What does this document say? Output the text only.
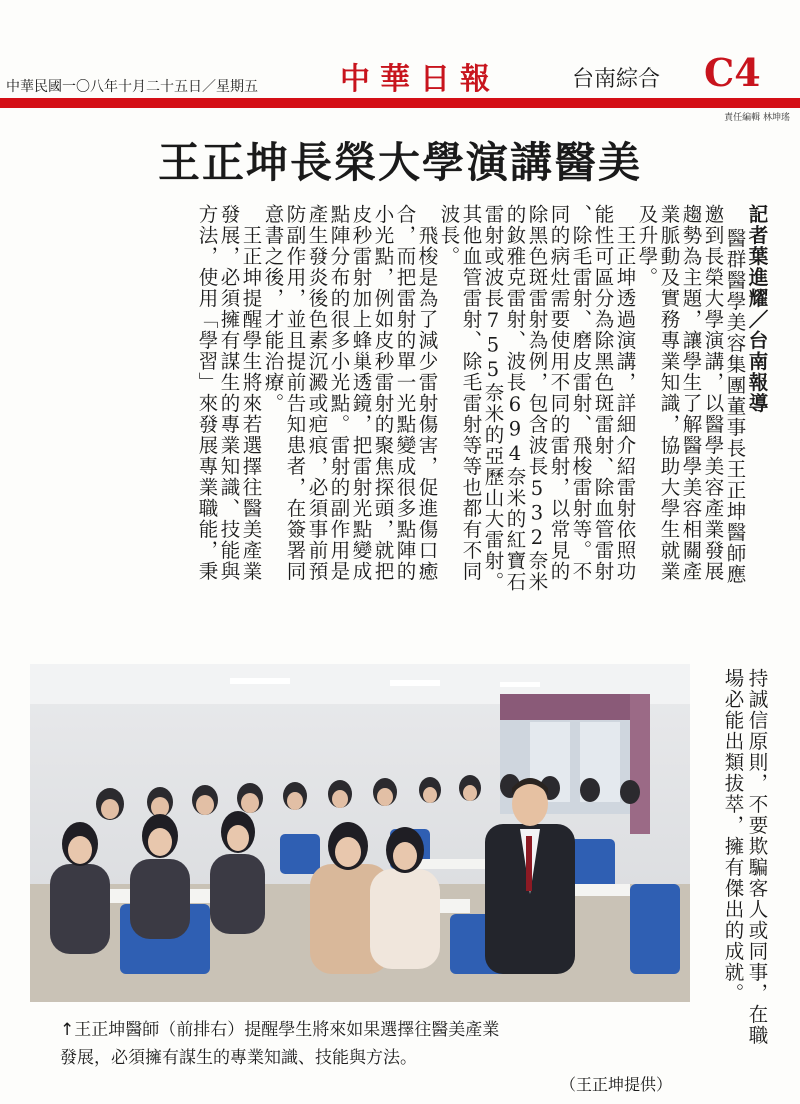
中華民國一〇八年十月二十五日／星期五	中華日報	台南綜合 C4
責任編輯 林坤瑤
王正坤長榮大學演講醫美
記者葉進耀／台南報導
醫群醫學美容集團董事長王正坤醫師應
邀到長榮大學演講，以醫學美容產業發展
趨勢為主題，讓學生了解醫學美容相關產
業脈動及實務專業知識，協助大學生就業
及升學。
　王正坤透過演講，詳細介紹雷射依照功
能性可區分為除黑色斑雷射、除血管雷射
、除毛雷射、磨皮雷射、飛梭雷射等。不
同的病灶需要使用不同的雷射，以常見的
除黑色斑雷射為例，包含波長532奈米
的釹雅克雷射、波長694奈米的紅寶石
雷射或波長755奈米的亞歷山大雷射。
其他血管雷射、除毛雷射等等也都有不同
波長。
　飛梭是為了減少雷射傷害，促進傷口癒
合，而把雷射的單一光點變成很多點陣的
小光點，例如皮秒雷射的聚焦探頭，就把
皮秒雷射加上蜂巢透鏡，把雷射光點變成
點陣分布的很多小光點。雷射的副作用是
產生發炎後色素沉澱或疤痕，必須事前預
防副作用，並且提前告知患者，在簽署同
意書之後，才能治療。
　王正坤提醒學生將來若選擇往醫美產業
發展，必須擁有謀生的專業知識、技能與
方法，使用「學習」來發展專業職能，秉
持誠信原則，不要欺騙客人或同事，在職
場必能出類拔萃，擁有傑出的成就。
↑王正坤醫師（前排右）提醒學生將來如果選擇往醫美產業
發展，必須擁有謀生的專業知識、技能與方法。
（王正坤提供）
